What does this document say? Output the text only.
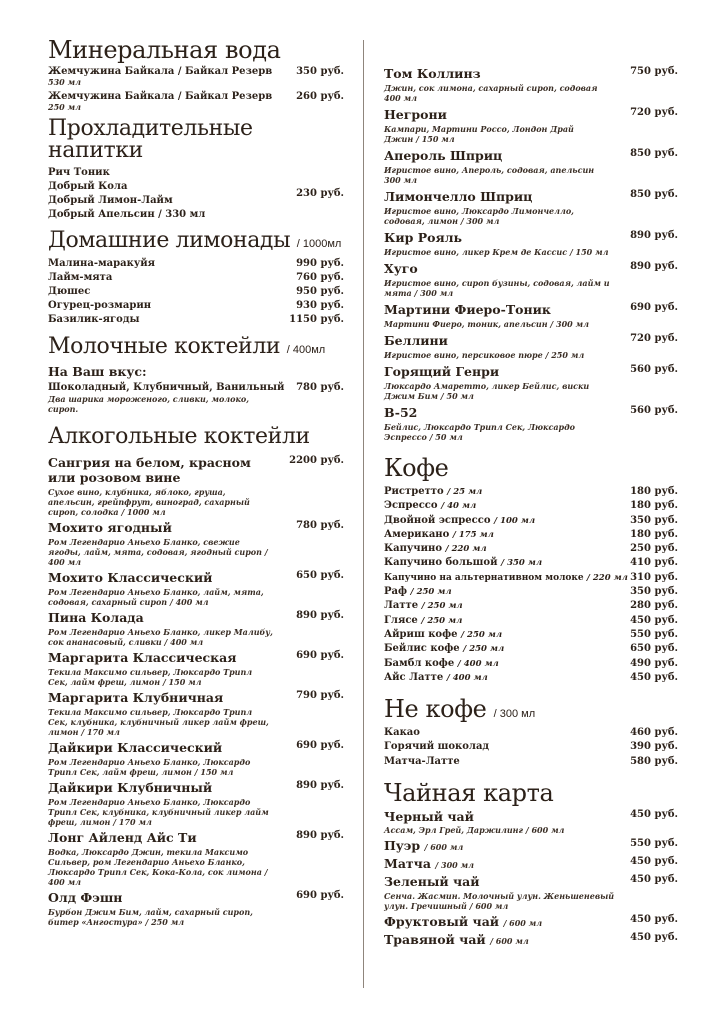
Минеральная вода
Жемчужина Байкала / Байкал Резерв 350 руб.
530 мл
Жемчужина Байкала / Байкал Резерв 260 руб.
250 мл
Прохладительные напитки
Рич Тоник
Добрый Кола
Добрый Лимон-Лайм
Добрый Апельсин / 330 мл
230 руб.
Домашние лимонады / 1000мл
Малина-маракуйя	990 руб.
Лайм-мята	760 руб.
Дюшес	950 руб.
Огурец-розмарин	930 руб.
Базилик-ягоды	1150 руб.
Молочные коктейли / 400мл
На Ваш вкус:
Шоколадный, Клубничный, Ванильный 780 руб.
Два шарика мороженого, сливки, молоко, сироп.
Алкогольные коктейли
Сангрия на белом, красном или розовом вине
2200 руб.
Сухое вино, клубника, яблоко, груша, апельсин, грейпфрут, виноград, сахарный сироп, солодка / 1000 мл
Мохито ягодный	780 руб.
Ром Легендарио Аньехо Бланко, свежие ягоды, лайм, мята, содовая, ягодный сироп / 400 мл
Мохито Классический	650 руб.
Ром Легендарио Аньехо Бланко, лайм, мята, содовая, сахарный сироп / 400 мл
Пина Колада	890 руб.
Ром Легендарио Аньехо Бланко, ликер Малибу, сок ананасовый, сливки / 400 мл
Маргарита Классическая	690 руб.
Текила Максимо сильвер, Люксардо Трипл Сек, лайм фреш, лимон / 150 мл
Маргарита Клубничная	790 руб.
Текила Максимо сильвер, Люксардо Трипл Сек, клубника, клубничный ликер лайм фреш, лимон / 170 мл
Дайкири Классический	690 руб.
Ром Легендарио Аньехо Бланко, Люксардо Трипл Сек, лайм фреш, лимон / 150 мл
Дайкири Клубничный	890 руб.
Ром Легендарио Аньехо Бланко, Люксардо Трипл Сек, клубника, клубничный ликер лайм фреш, лимон / 170 мл
Лонг Айленд Айс Ти	890 руб.
Водка, Люксардо Джин, текила Максимо Сильвер, ром Легендарио Аньехо Бланко, Люксардо Трипл Сек, Кока-Кола, сок лимона / 400 мл
Олд Фэшн	690 руб.
Бурбон Джим Бим, лайм, сахарный сироп, битер «Ангостура» / 250 мл
Том Коллинз	750 руб.
Джин, сок лимона, сахарный сироп, содовая 400 мл
Негрони	720 руб.
Кампари, Мартини Россо, Лондон Драй Джин / 150 мл
Апероль Шприц	850 руб.
Игристое вино, Апероль, содовая, апельсин 300 мл
Лимончелло Шприц	850 руб.
Игристое вино, Люксардо Лимончелло, содовая, лимон / 300 мл
Кир Рояль	890 руб.
Игристое вино, ликер Крем де Кассис / 150 мл
Хуго	890 руб.
Игристое вино, сироп бузины, содовая, лайм и мята / 300 мл
Мартини Фиеро-Тоник	690 руб.
Мартини Фиеро, тоник, апельсин / 300 мл
Беллини	720 руб.
Игристое вино, персиковое пюре / 250 мл
Горящий Генри	560 руб.
Люксардо Амаретто, ликер Бейлис, виски Джим Бим / 50 мл
B-52	560 руб.
Бейлис, Люксардо Трипл Сек, Люксардо Эспрессо / 50 мл
Кофе
Ристретто / 25 мл	180 руб.
Эспрессо / 40 мл	180 руб.
Двойной эспрессо / 100 мл	350 руб.
Американо / 175 мл	180 руб.
Капучино / 220 мл	250 руб.
Капучино большой / 350 мл	410 руб.
Капучино на альтернативном молоке / 220 мл 310 руб.
Раф / 250 мл	350 руб.
Латте / 250 мл	280 руб.
Глясе / 250 мл	450 руб.
Айриш кофе / 250 мл	550 руб.
Бейлис кофе / 250 мл	650 руб.
Бамбл кофе / 400 мл	490 руб.
Айс Латте / 400 мл	450 руб.
Не кофе / 300 мл
Какао	460 руб.
Горячий шоколад	390 руб.
Матча-Латте	580 руб.
Чайная карта
Черный чай	450 руб.
Ассам, Эрл Грей, Даржилинг / 600 мл
Пуэр / 600 мл	550 руб.
Матча / 300 мл	450 руб.
Зеленый чай	450 руб.
Сенча. Жасмин. Молочный улун. Женьшеневый улун. Гречишный / 600 мл
Фруктовый чай / 600 мл	450 руб.
Травяной чай / 600 мл	450 руб.
